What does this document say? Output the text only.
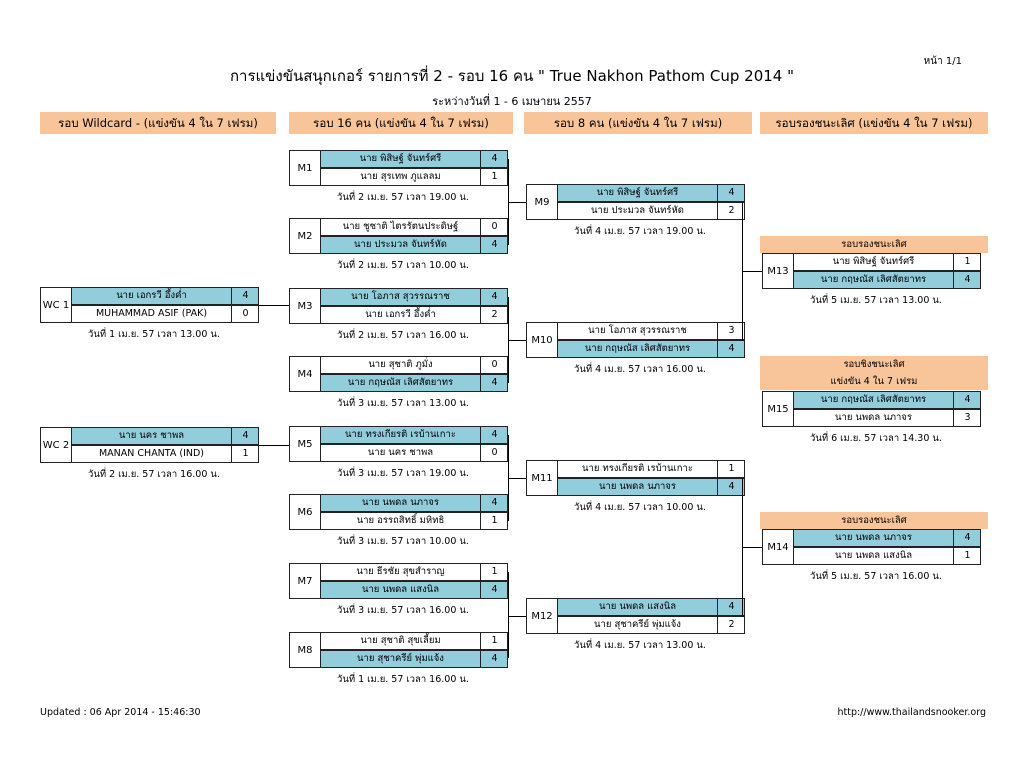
หน้า 1/1
การแข่งขันสนุกเกอร์ รายการที่ 2 - รอบ 16 คน " True Nakhon Pathom Cup 2014 "
ระหว่างวันที่ 1 - 6 เมษายน 2557
รอบ Wildcard - (แข่งขัน 4 ใน 7 เฟรม)	รอบ 16 คน (แข่งขัน 4 ใน 7 เฟรม)	รอบ 8 คน (แข่งขัน 4 ใน 7 เฟรม)	รอบรองชนะเลิศ (แข่งขัน 4 ใน 7 เฟรม)
WC 1
นาย เอกรวี อึ้งค่ำ	4
MUHAMMAD ASIF (PAK)	0
วันที่ 1 เม.ย. 57 เวลา 13.00 น.
WC 2
นาย นคร ชาพล	4
MANAN CHANTA (IND)	1
วันที่ 2 เม.ย. 57 เวลา 16.00 น.
M1
นาย พิสิษฐ์ จันทร์ศรี	4
นาย สุรเทพ ภูแลลม	1
วันที่ 2 เม.ย. 57 เวลา 19.00 น.
M2
นาย ชูชาติ ไตรรัตนประดิษฐ์	0
นาย ประมวล จันทร์หัด	4
วันที่ 2 เม.ย. 57 เวลา 10.00 น.
M3
นาย โอภาส สุวรรณราช	4
นาย เอกรวี อึ้งค่ำ	2
วันที่ 2 เม.ย. 57 เวลา 16.00 น.
M4
นาย สุชาติ ภูมั่ง	0
นาย กฤษณัส เลิศสัตยาทร	4
วันที่ 3 เม.ย. 57 เวลา 13.00 น.
M5
นาย ทรงเกียรติ เรบ้านเกาะ	4
นาย นคร ชาพล	0
วันที่ 3 เม.ย. 57 เวลา 19.00 น.
M6
นาย นพดล นภาจร	4
นาย อรรถสิทธิ์ มหิทธิ	1
วันที่ 3 เม.ย. 57 เวลา 10.00 น.
M7
นาย ธีรชัย สุขสำราญ	1
นาย นพดล แสงนิล	4
วันที่ 3 เม.ย. 57 เวลา 16.00 น.
M8
นาย สุชาติ สุขเลี้ยม	1
นาย สุชาครีย์ พุ่มแจ้ง	4
วันที่ 1 เม.ย. 57 เวลา 16.00 น.
M9
นาย พิสิษฐ์ จันทร์ศรี	4
นาย ประมวล จันทร์หัด	2
วันที่ 4 เม.ย. 57 เวลา 19.00 น.
M10
นาย โอภาส สุวรรณราช	3
นาย กฤษณัส เลิศสัตยาทร	4
วันที่ 4 เม.ย. 57 เวลา 16.00 น.
M11
นาย ทรงเกียรติ เรบ้านเกาะ	1
นาย นพดล นภาจร	4
วันที่ 4 เม.ย. 57 เวลา 10.00 น.
M12
นาย นพดล แสงนิล	4
นาย สุชาครีย์ พุ่มแจ้ง	2
วันที่ 4 เม.ย. 57 เวลา 13.00 น.
M13
นาย พิสิษฐ์ จันทร์ศรี	1
นาย กฤษณัส เลิศสัตยาทร	4
วันที่ 5 เม.ย. 57 เวลา 13.00 น.
M15
นาย กฤษณัส เลิศสัตยาทร	4
นาย นพดล นภาจร	3
วันที่ 6 เม.ย. 57 เวลา 14.30 น.
M14
นาย นพดล นภาจร	4
นาย นพดล แสงนิล	1
วันที่ 5 เม.ย. 57 เวลา 16.00 น.
รอบรองชนะเลิศ
รอบชิงชนะเลิศ
แข่งขัน 4 ใน 7 เฟรม
รอบรองชนะเลิศ
Updated : 06 Apr 2014 - 15:46:30	http://www.thailandsnooker.org
